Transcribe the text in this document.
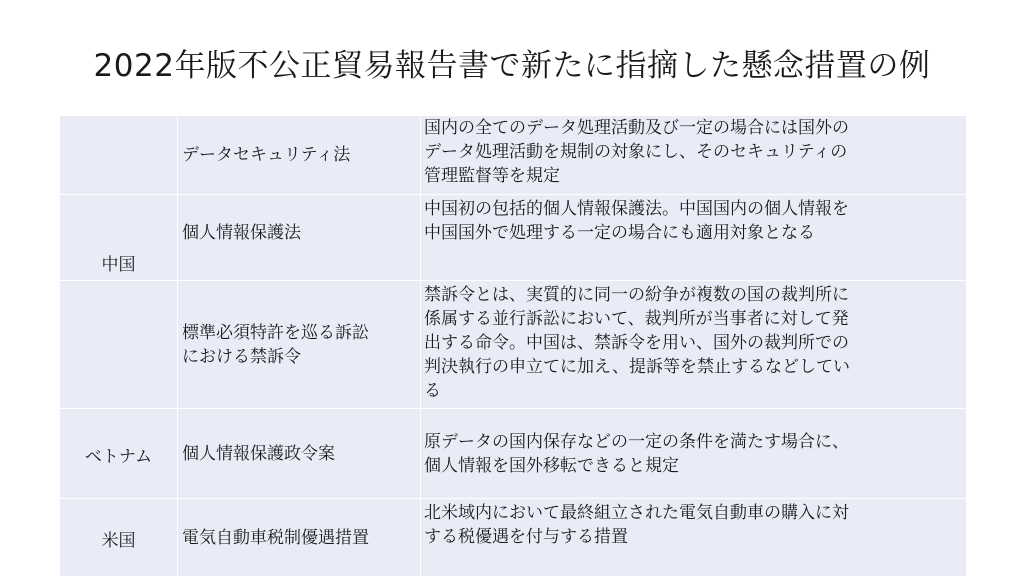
2022年版不公正貿易報告書で新たに指摘した懸念措置の例
中国
データセキュリティ法
国内の全てのデータ処理活動及び一定の場合には国外の
データ処理活動を規制の対象にし、そのセキュリティの
管理監督等を規定
個人情報保護法
中国初の包括的個人情報保護法。中国国内の個人情報を
中国国外で処理する一定の場合にも適用対象となる
標準必須特許を巡る訴訟
における禁訴令
禁訴令とは、実質的に同一の紛争が複数の国の裁判所に
係属する並行訴訟において、裁判所が当事者に対して発
出する命令。中国は、禁訴令を用い、国外の裁判所での
判決執行の申立てに加え、提訴等を禁止するなどしてい
る
ベトナム 個人情報保護政令案
原データの国内保存などの一定の条件を満たす場合に、
個人情報を国外移転できると規定
米国	電気自動車税制優遇措置
北米域内において最終組立された電気自動車の購入に対
する税優遇を付与する措置
